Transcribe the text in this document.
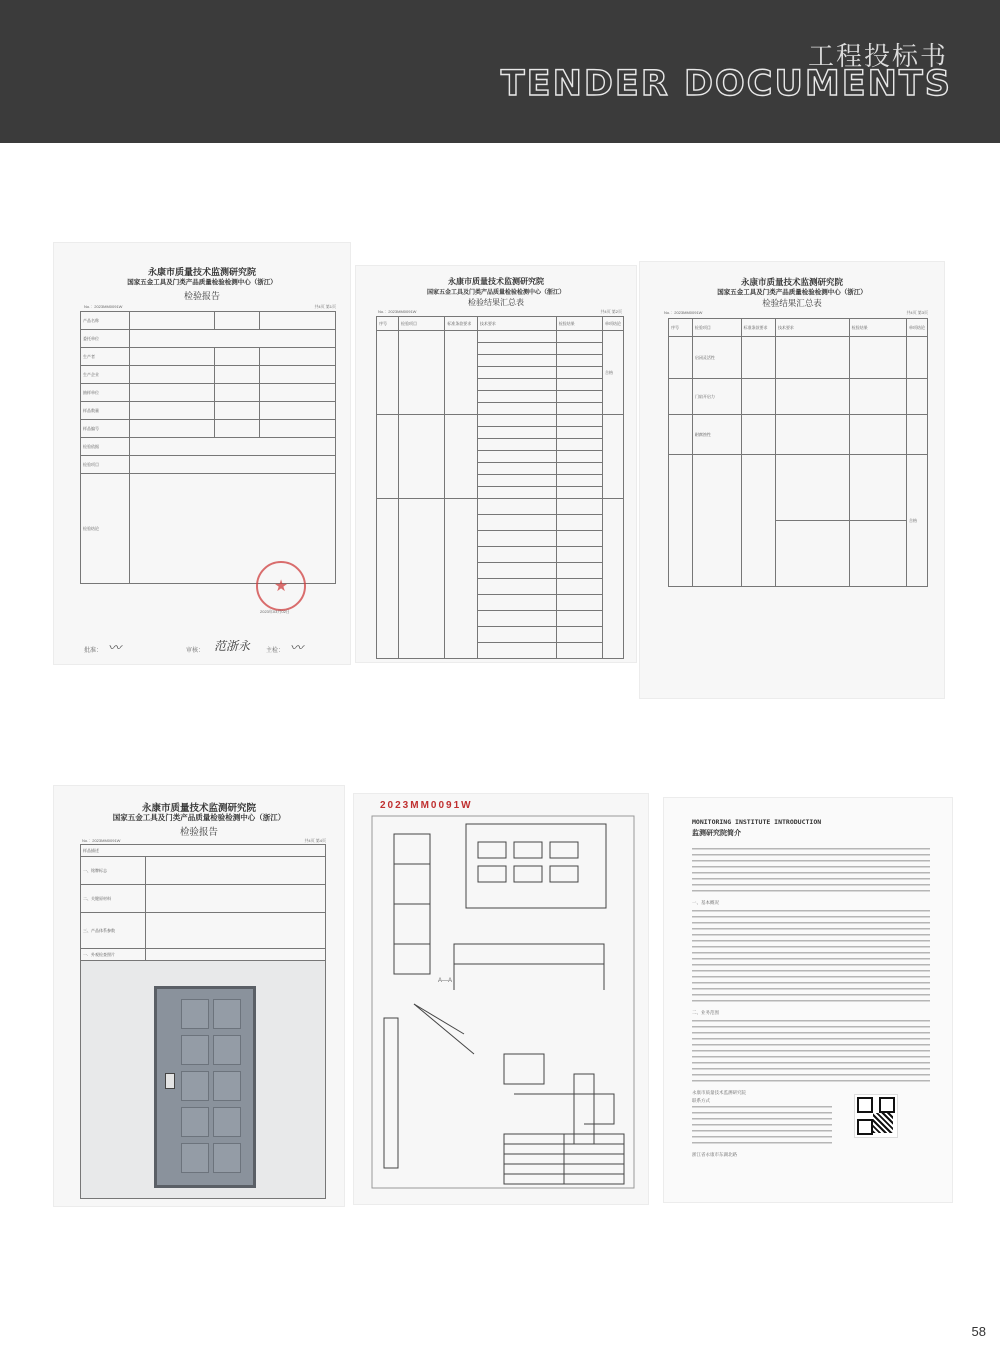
工程投标书
TENDER DOCUMENTS
永康市质量技术监测研究院
国家五金工具及门类产品质量检验检测中心（浙江）
检验报告
No.：2023MM0091W	共4页 第1页
产品名称			
委托单位			
生产者			
生产企业			
抽样单位			
样品数量			
样品编号			
检验依据			
检验项目			
检验结论			
★
2023年03月02日
批准：	审核：	主检：
〰︎	范浙永	〰︎
永康市质量技术监测研究院
国家五金工具及门类产品质量检验检测中心（浙江）
检验结果汇总表
No.：2023MM0091W	共4页 第2页
序号	检验项目	标准条款要求	技术要求	检验结果	单项结论
					合格

永康市质量技术监测研究院
国家五金工具及门类产品质量检验检测中心（浙江）
检验结果汇总表
No.：2023MM0091W	共4页 第3页
序号	检验项目	标准条款要求	技术要求	检验结果	单项结论
	启闭灵活性				
	门扇开启力				
	耐腐蚀性				
					合格

永康市质量技术监测研究院
国家五金工具及门类产品质量检验检测中心（浙江）
检验报告
No.：2023MM0091W	共4页 第4页
样品描述	
一、铭牌标志	
二、关键原材料	
三、产品体系参数	
一．外观检查照片	

2023MM0091W
A—A
MONITORING INSTITUTE INTRODUCTION
监测研究院简介
一、基本概况
二、业务范围
永康市质量技术监测研究院
联系方式
浙江省永康市东湖北路
58
